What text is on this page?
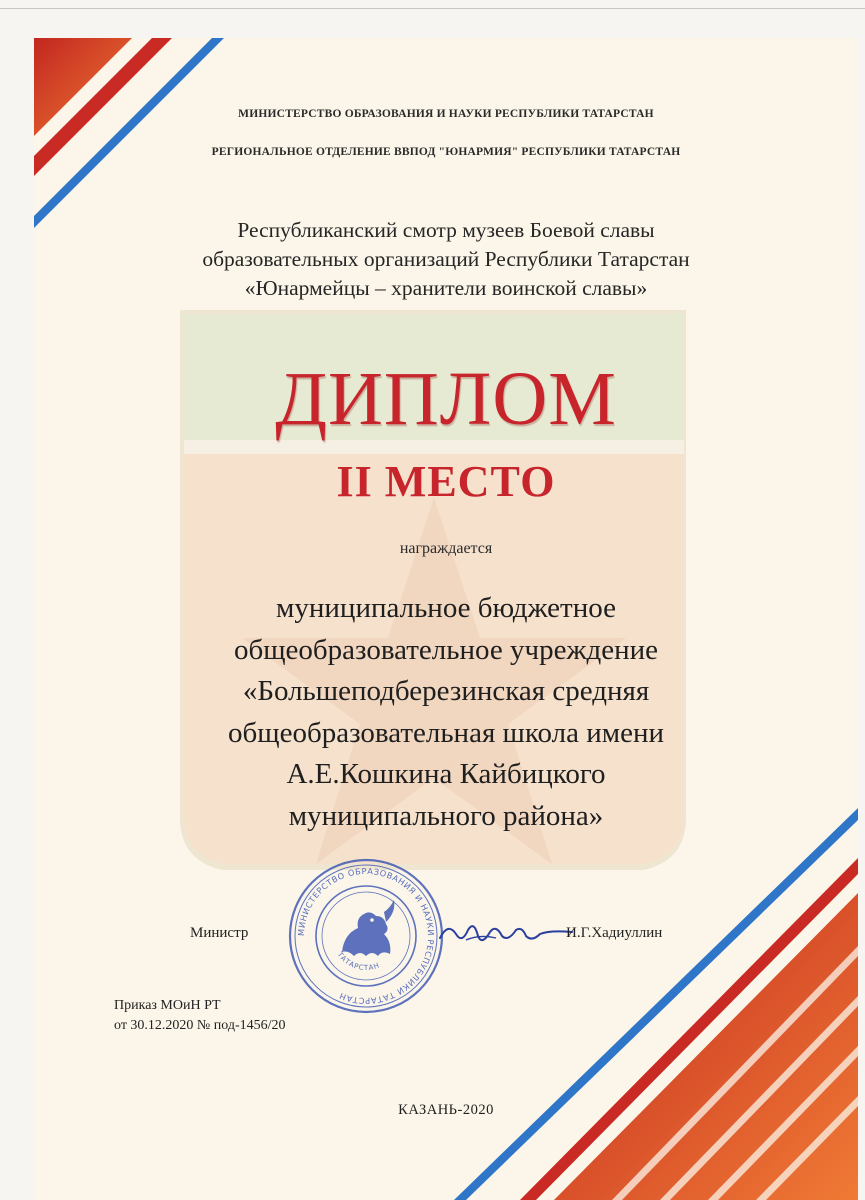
МИНИСТЕРСТВО ОБРАЗОВАНИЯ И НАУКИ РЕСПУБЛИКИ ТАТАРСТАН

РЕГИОНАЛЬНОЕ ОТДЕЛЕНИЕ ВВПОД "ЮНАРМИЯ" РЕСПУБЛИКИ ТАТАРСТАН

Республиканский смотр музеев Боевой славы
образовательных организаций Республики Татарстан
«Юнармейцы – хранители воинской славы»

ДИПЛОМ

II МЕСТО

награждается

муниципальное бюджетное
общеобразовательное учреждение
«Большеподберезинская средняя
общеобразовательная школа имени
А.Е.Кошкина Кайбицкого
муниципального района»
МИНИСТЕРСТВО ОБРАЗОВАНИЯ И НАУКИ РЕСПУБЛИКИ ТАТАРСТАН
ТАТАРСТАН
Министр	И.Г.Хадиуллин
Приказ МОиН РТ
от 30.12.2020 № под-1456/20

КАЗАНЬ-2020
